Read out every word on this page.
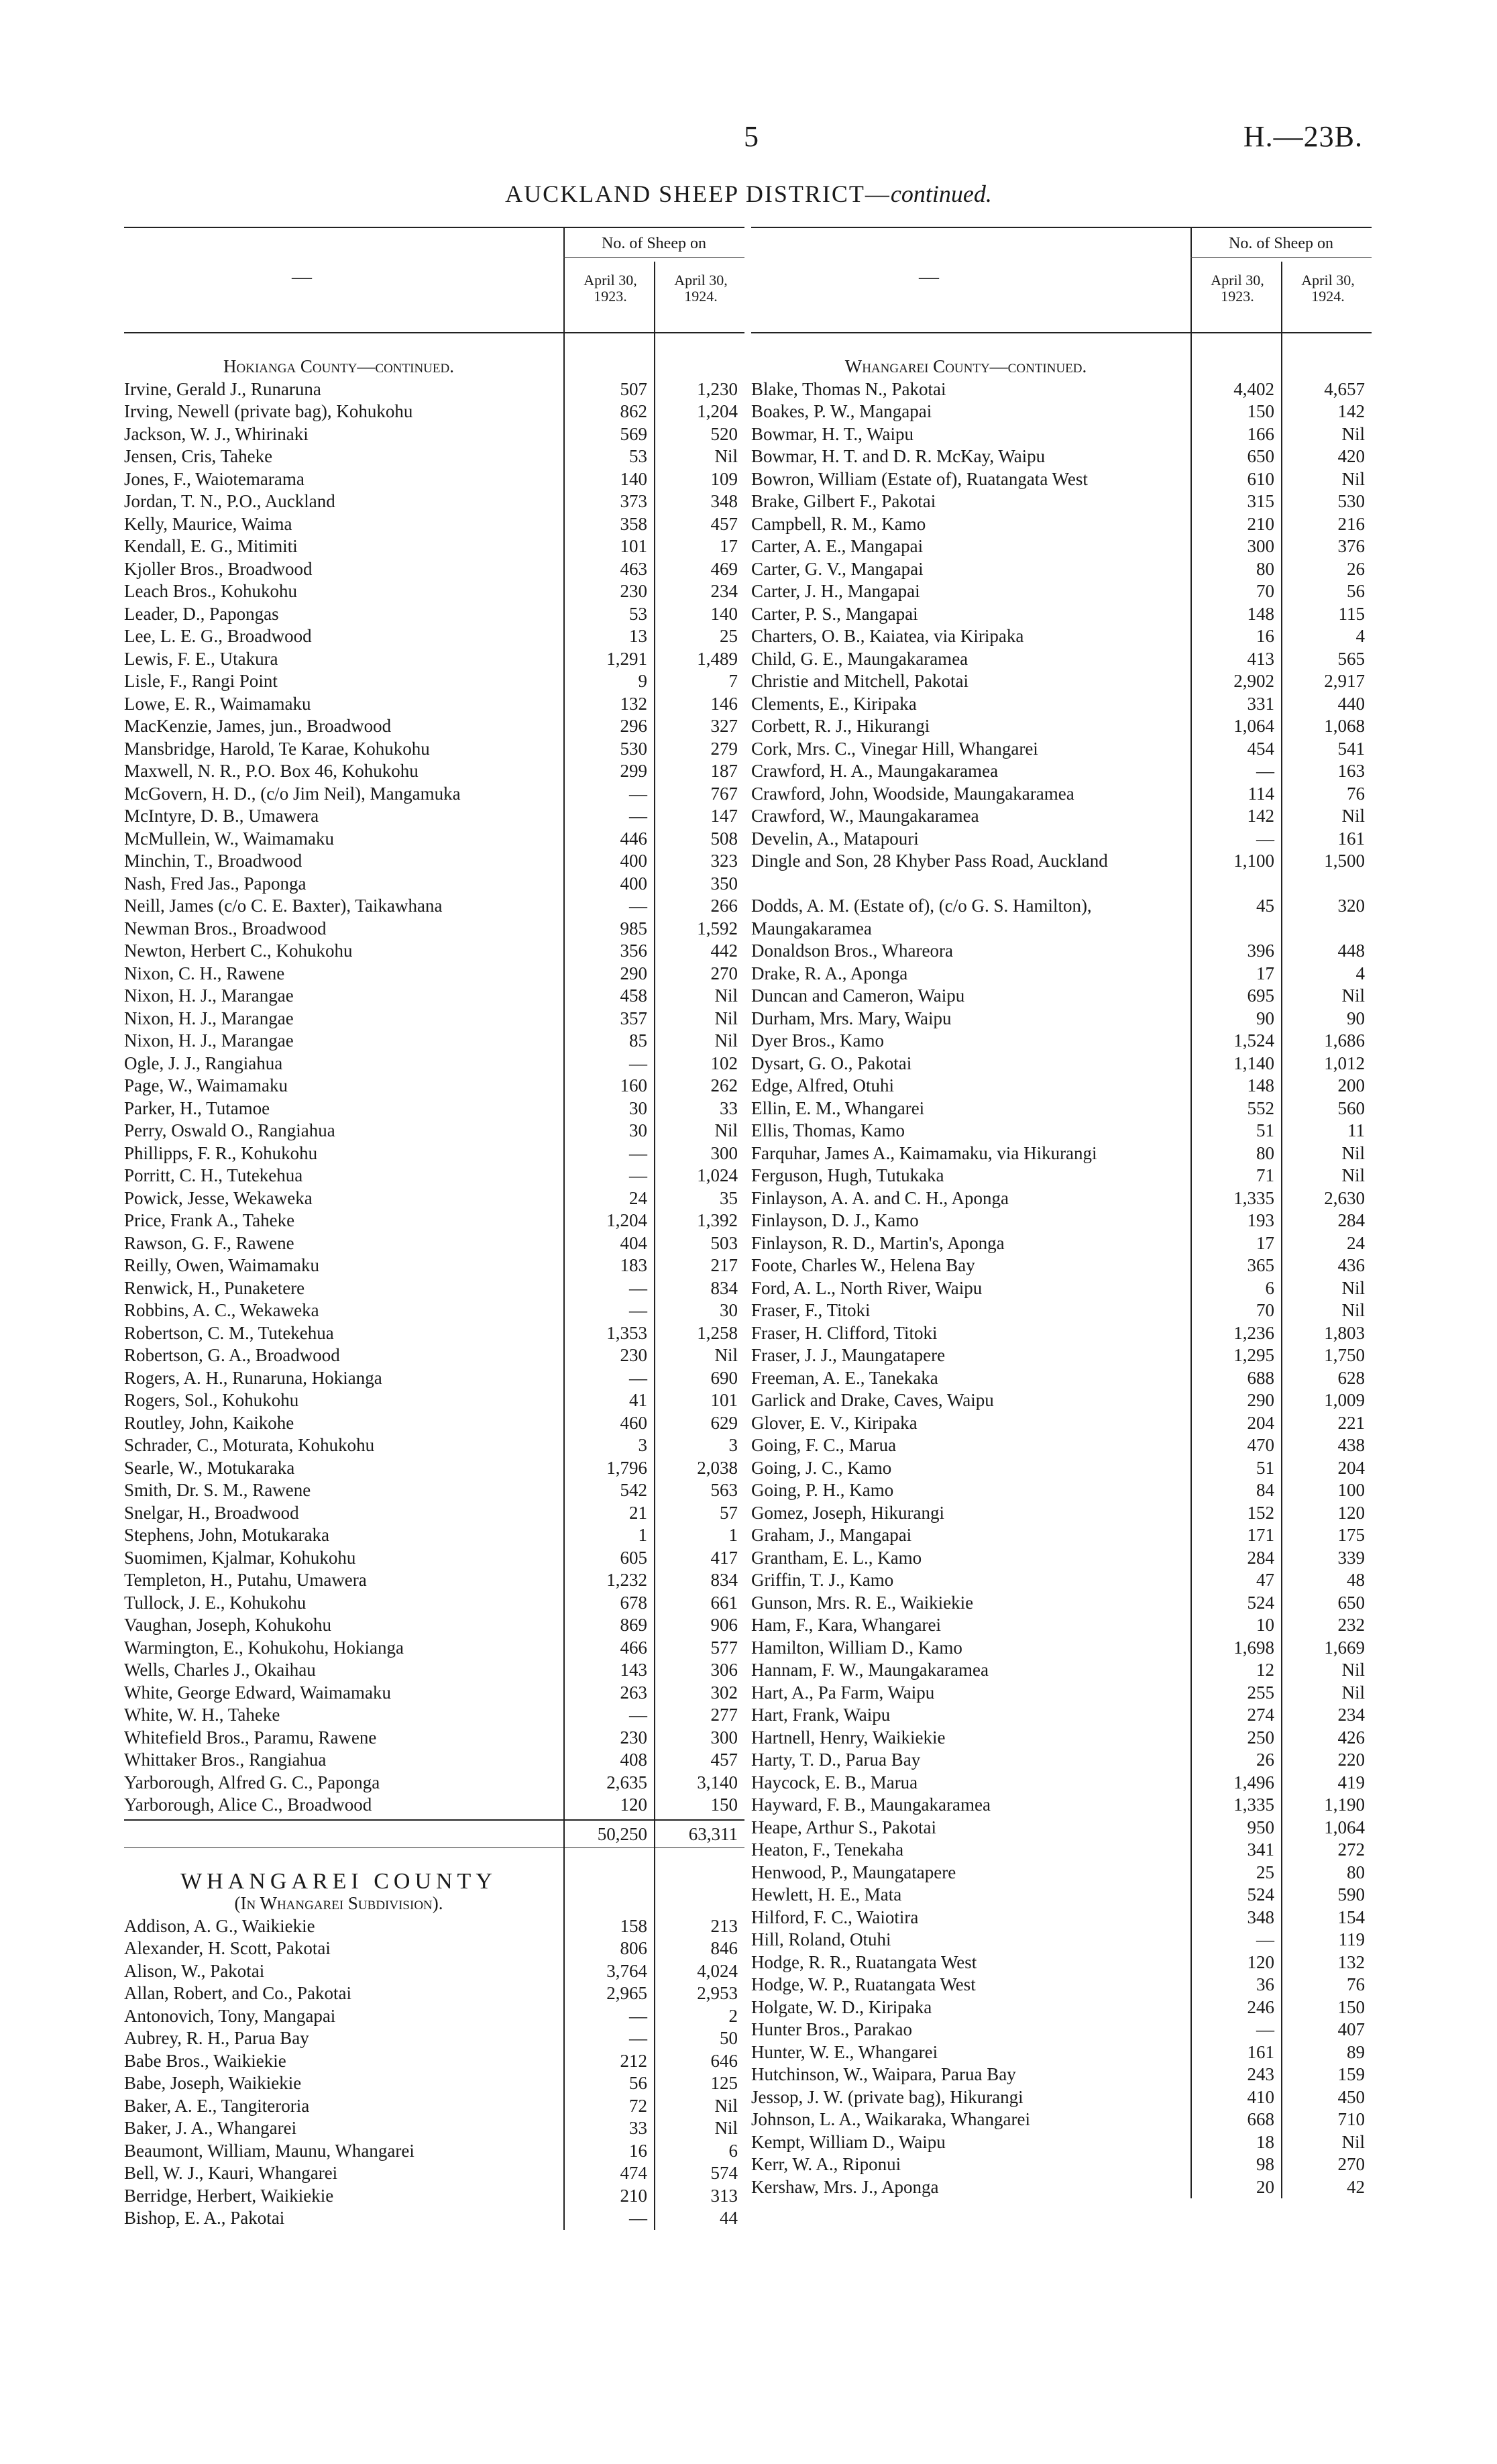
5	H.—23B.
AUCKLAND SHEEP DISTRICT—continued.
—
No. of Sheep on
April 30, 1923.
April 30, 1924.
Hokianga County—continued.
Irvine, Gerald J., Runaruna	507	1,230
Irving, Newell (private bag), Kohukohu	862	1,204
Jackson, W. J., Whirinaki	569	520
Jensen, Cris, Taheke	53	Nil
Jones, F., Waiotemarama	140	109
Jordan, T. N., P.O., Auckland	373	348
Kelly, Maurice, Waima	358	457
Kendall, E. G., Mitimiti	101	17
Kjoller Bros., Broadwood	463	469
Leach Bros., Kohukohu	230	234
Leader, D., Papongas	53	140
Lee, L. E. G., Broadwood	13	25
Lewis, F. E., Utakura	1,291	1,489
Lisle, F., Rangi Point	9	7
Lowe, E. R., Waimamaku	132	146
MacKenzie, James, jun., Broadwood	296	327
Mansbridge, Harold, Te Karae, Kohukohu	530	279
Maxwell, N. R., P.O. Box 46, Kohukohu	299	187
McGovern, H. D., (c/o Jim Neil), Mangamuka	—	767
McIntyre, D. B., Umawera	—	147
McMullein, W., Waimamaku	446	508
Minchin, T., Broadwood	400	323
Nash, Fred Jas., Paponga	400	350
Neill, James (c/o C. E. Baxter), Taikawhana	—	266
Newman Bros., Broadwood	985	1,592
Newton, Herbert C., Kohukohu	356	442
Nixon, C. H., Rawene	290	270
Nixon, H. J., Marangae	458	Nil
Nixon, H. J., Marangae	357	Nil
Nixon, H. J., Marangae	85	Nil
Ogle, J. J., Rangiahua	—	102
Page, W., Waimamaku	160	262
Parker, H., Tutamoe	30	33
Perry, Oswald O., Rangiahua	30	Nil
Phillipps, F. R., Kohukohu	—	300
Porritt, C. H., Tutekehua	—	1,024
Powick, Jesse, Wekaweka	24	35
Price, Frank A., Taheke	1,204	1,392
Rawson, G. F., Rawene	404	503
Reilly, Owen, Waimamaku	183	217
Renwick, H., Punaketere	—	834
Robbins, A. C., Wekaweka	—	30
Robertson, C. M., Tutekehua	1,353	1,258
Robertson, G. A., Broadwood	230	Nil
Rogers, A. H., Runaruna, Hokianga	—	690
Rogers, Sol., Kohukohu	41	101
Routley, John, Kaikohe	460	629
Schrader, C., Moturata, Kohukohu	3	3
Searle, W., Motukaraka	1,796	2,038
Smith, Dr. S. M., Rawene	542	563
Snelgar, H., Broadwood	21	57
Stephens, John, Motukaraka	1	1
Suomimen, Kjalmar, Kohukohu	605	417
Templeton, H., Putahu, Umawera	1,232	834
Tullock, J. E., Kohukohu	678	661
Vaughan, Joseph, Kohukohu	869	906
Warmington, E., Kohukohu, Hokianga	466	577
Wells, Charles J., Okaihau	143	306
White, George Edward, Waimamaku	263	302
White, W. H., Taheke	—	277
Whitefield Bros., Paramu, Rawene	230	300
Whittaker Bros., Rangiahua	408	457
Yarborough, Alfred G. C., Paponga	2,635	3,140
Yarborough, Alice C., Broadwood	120	150
50,250	63,311
WHANGAREI COUNTY
(In Whangarei Subdivision).
Addison, A. G., Waikiekie	158	213
Alexander, H. Scott, Pakotai	806	846
Alison, W., Pakotai	3,764	4,024
Allan, Robert, and Co., Pakotai	2,965	2,953
Antonovich, Tony, Mangapai	—	2
Aubrey, R. H., Parua Bay	—	50
Babe Bros., Waikiekie	212	646
Babe, Joseph, Waikiekie	56	125
Baker, A. E., Tangiteroria	72	Nil
Baker, J. A., Whangarei	33	Nil
Beaumont, William, Maunu, Whangarei	16	6
Bell, W. J., Kauri, Whangarei	474	574
Berridge, Herbert, Waikiekie	210	313
Bishop, E. A., Pakotai	—	44
—
No. of Sheep on
April 30, 1923.
April 30, 1924.
Whangarei County—continued.
Blake, Thomas N., Pakotai	4,402	4,657
Boakes, P. W., Mangapai	150	142
Bowmar, H. T., Waipu	166	Nil
Bowmar, H. T. and D. R. McKay, Waipu	650	420
Bowron, William (Estate of), Ruatangata West	610	Nil
Brake, Gilbert F., Pakotai	315	530
Campbell, R. M., Kamo	210	216
Carter, A. E., Mangapai	300	376
Carter, G. V., Mangapai	80	26
Carter, J. H., Mangapai	70	56
Carter, P. S., Mangapai	148	115
Charters, O. B., Kaiatea, via Kiripaka	16	4
Child, G. E., Maungakaramea	413	565
Christie and Mitchell, Pakotai	2,902	2,917
Clements, E., Kiripaka	331	440
Corbett, R. J., Hikurangi	1,064	1,068
Cork, Mrs. C., Vinegar Hill, Whangarei	454	541
Crawford, H. A., Maungakaramea	—	163
Crawford, John, Woodside, Maungakaramea	114	76
Crawford, W., Maungakaramea	142	Nil
Develin, A., Matapouri	—	161
Dingle and Son, 28 Khyber Pass Road, Auckland	1,100	1,500
Dodds, A. M. (Estate of), (c/o G. S. Hamilton), Maungakaramea
45	320
Donaldson Bros., Whareora	396	448
Drake, R. A., Aponga	17	4
Duncan and Cameron, Waipu	695	Nil
Durham, Mrs. Mary, Waipu	90	90
Dyer Bros., Kamo	1,524	1,686
Dysart, G. O., Pakotai	1,140	1,012
Edge, Alfred, Otuhi	148	200
Ellin, E. M., Whangarei	552	560
Ellis, Thomas, Kamo	51	11
Farquhar, James A., Kaimamaku, via Hikurangi	80	Nil
Ferguson, Hugh, Tutukaka	71	Nil
Finlayson, A. A. and C. H., Aponga	1,335	2,630
Finlayson, D. J., Kamo	193	284
Finlayson, R. D., Martin's, Aponga	17	24
Foote, Charles W., Helena Bay	365	436
Ford, A. L., North River, Waipu	6	Nil
Fraser, F., Titoki	70	Nil
Fraser, H. Clifford, Titoki	1,236	1,803
Fraser, J. J., Maungatapere	1,295	1,750
Freeman, A. E., Tanekaka	688	628
Garlick and Drake, Caves, Waipu	290	1,009
Glover, E. V., Kiripaka	204	221
Going, F. C., Marua	470	438
Going, J. C., Kamo	51	204
Going, P. H., Kamo	84	100
Gomez, Joseph, Hikurangi	152	120
Graham, J., Mangapai	171	175
Grantham, E. L., Kamo	284	339
Griffin, T. J., Kamo	47	48
Gunson, Mrs. R. E., Waikiekie	524	650
Ham, F., Kara, Whangarei	10	232
Hamilton, William D., Kamo	1,698	1,669
Hannam, F. W., Maungakaramea	12	Nil
Hart, A., Pa Farm, Waipu	255	Nil
Hart, Frank, Waipu	274	234
Hartnell, Henry, Waikiekie	250	426
Harty, T. D., Parua Bay	26	220
Haycock, E. B., Marua	1,496	419
Hayward, F. B., Maungakaramea	1,335	1,190
Heape, Arthur S., Pakotai	950	1,064
Heaton, F., Tenekaha	341	272
Henwood, P., Maungatapere	25	80
Hewlett, H. E., Mata	524	590
Hilford, F. C., Waiotira	348	154
Hill, Roland, Otuhi	—	119
Hodge, R. R., Ruatangata West	120	132
Hodge, W. P., Ruatangata West	36	76
Holgate, W. D., Kiripaka	246	150
Hunter Bros., Parakao	—	407
Hunter, W. E., Whangarei	161	89
Hutchinson, W., Waipara, Parua Bay	243	159
Jessop, J. W. (private bag), Hikurangi	410	450
Johnson, L. A., Waikaraka, Whangarei	668	710
Kempt, William D., Waipu	18	Nil
Kerr, W. A., Riponui	98	270
Kershaw, Mrs. J., Aponga	20	42
